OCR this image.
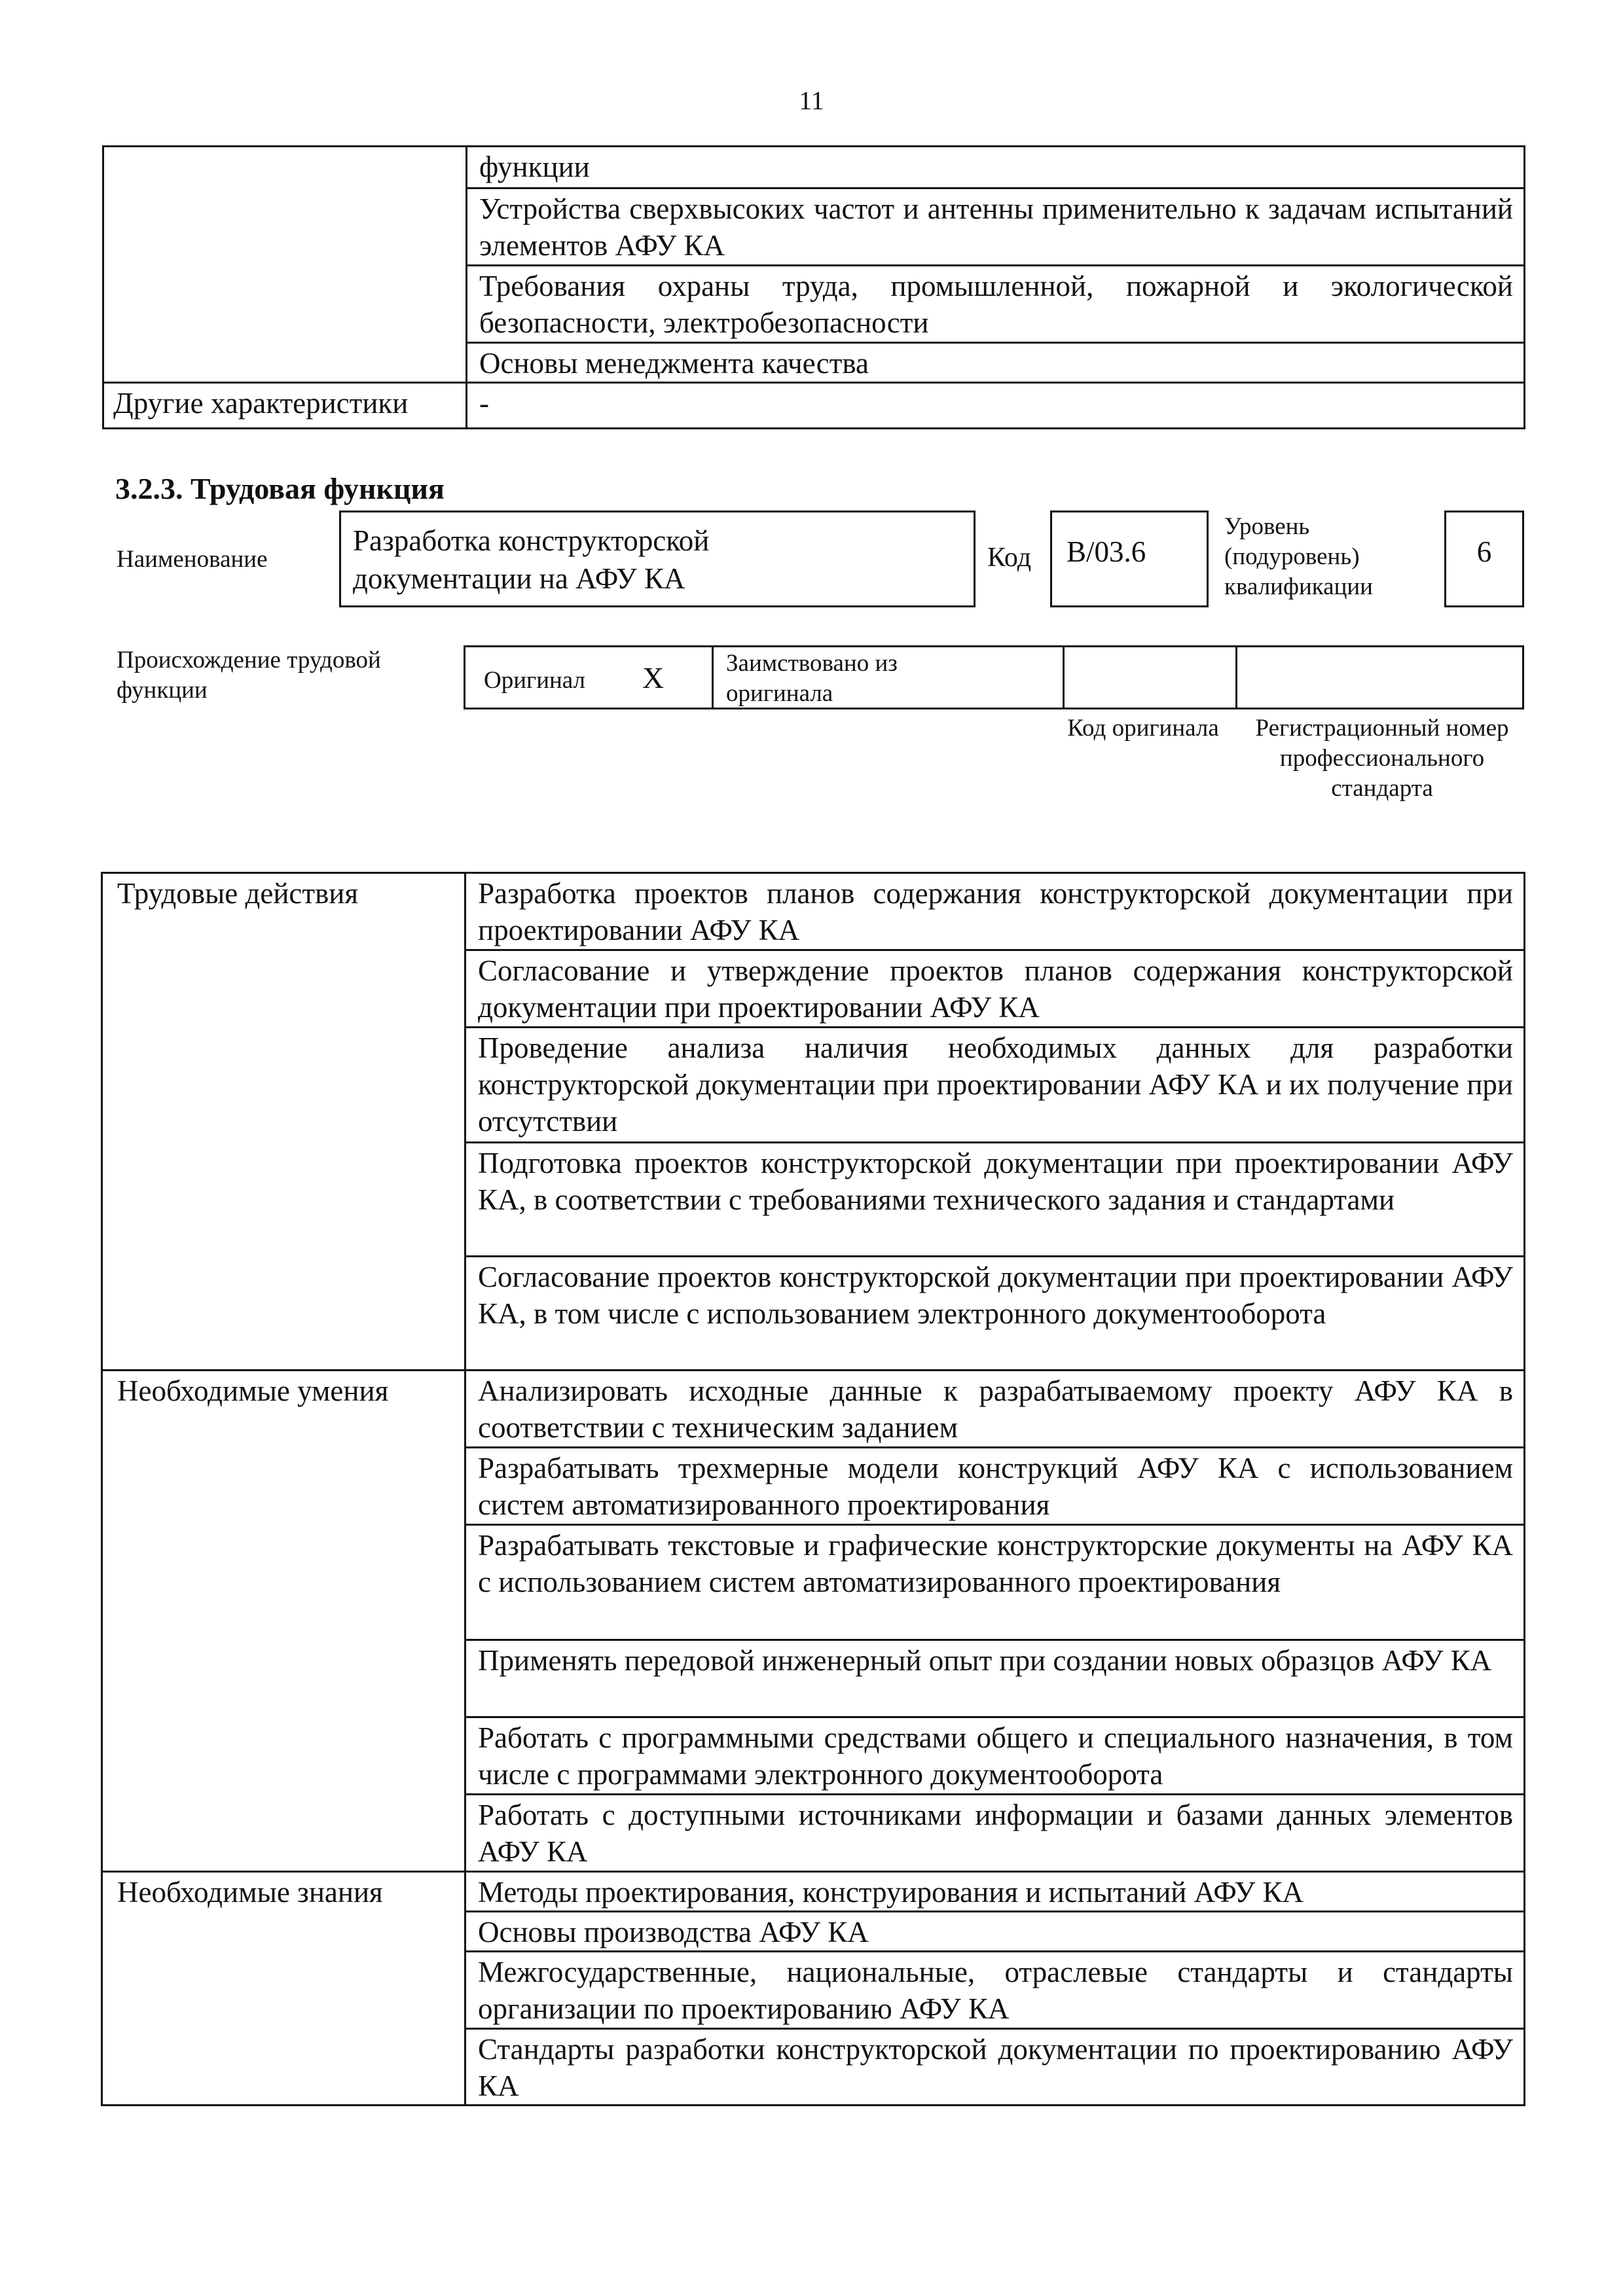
11
	функции
	Устройства сверхвысоких частот и антенны применительно к задачам испытаний элементов АФУ КА
	Требования охраны труда, промышленной, пожарной и экологической безопасности, электробезопасности
	Основы менеджмента качества
Другие характеристики	-
3.2.3. Трудовая функция
Наименование
Разработка конструкторской документации на АФУ КА
Код	B/03.6
Уровень (подуровень) квалификации
6
Происхождение трудовой функции	Оригинал X	Заимствовано из оригинала
Код оригинала	Регистрационный номер профессионального стандарта
Трудовые действия	Разработка проектов планов содержания конструкторской документации при проектировании АФУ КА
	Согласование и утверждение проектов планов содержания конструкторской документации при проектировании АФУ КА
	Проведение анализа наличия необходимых данных для разработки конструкторской документации при проектировании АФУ КА и их получение при отсутствии
	Подготовка проектов конструкторской документации при проектировании АФУ КА, в соответствии с требованиями технического задания и стандартами
	Согласование проектов конструкторской документации при проектировании АФУ КА, в том числе с использованием электронного документооборота
Необходимые умения	Анализировать исходные данные к разрабатываемому проекту АФУ КА в соответствии с техническим заданием
	Разрабатывать трехмерные модели конструкций АФУ КА с использованием систем автоматизированного проектирования
	Разрабатывать текстовые и графические конструкторские документы на АФУ КА с использованием систем автоматизированного проектирования
	Применять передовой инженерный опыт при создании новых образцов АФУ КА
	Работать с программными средствами общего и специального назначения, в том числе с программами электронного документооборота
	Работать с доступными источниками информации и базами данных элементов АФУ КА
Необходимые знания	Методы проектирования, конструирования и испытаний АФУ КА
	Основы производства АФУ КА
	Межгосударственные, национальные, отраслевые стандарты и стандарты организации по проектированию АФУ КА
	Стандарты разработки конструкторской документации по проектированию АФУ КА
